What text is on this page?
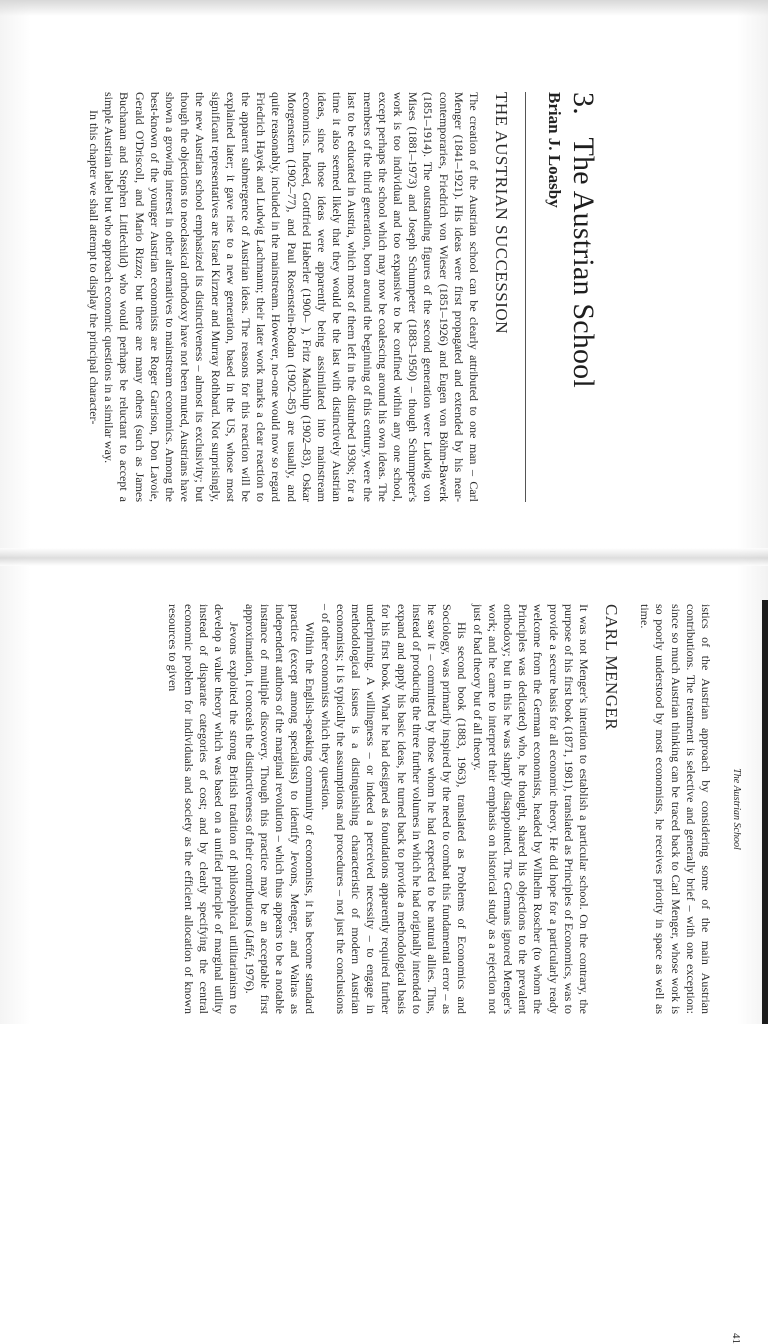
3.   The Austrian School
Brian J. Loasby
THE AUSTRIAN SUCCESSION

The creation of the Austrian school can be clearly attributed to one man – Carl Menger (1841–1921). His ideas were first propagated and extended by his near-contemporaries, Friedrich von Wieser (1851–1926) and Eugen von Böhm-Bawerk (1851–1914). The outstanding figures of the second generation were Ludwig von Mises (1881–1973) and Joseph Schumpeter (1883–1950) – though Schumpeter's work is too individual and too expansive to be confined within any one school, except perhaps the school which may now be coalescing around his own ideas. The members of the third generation, born around the beginning of this century, were the last to be educated in Austria, which most of them left in the disturbed 1930s; for a time it also seemed likely that they would be the last with distinctively Austrian ideas, since those ideas were apparently being assimilated into mainstream economics. Indeed, Gottfried Haberler (1900– ), Fritz Machlup (1902–83), Oskar Morgenstern (1902–77), and Paul Rosenstein-Rodan (1902–85) are usually, and quite reasonably, included in the mainstream. However, no-one would now so regard Friedrich Hayek and Ludwig Lachmann; their later work marks a clear reaction to the apparent submergence of Austrian ideas. The reasons for this reaction will be explained later; it gave rise to a new generation, based in the US, whose most significant representatives are Israel Kirzner and Murray Rothbard. Not surprisingly, the new Austrian school emphasized its distinctiveness – almost its exclusivity; but though the objections to neoclassical orthodoxy have not been muted, Austrians have shown a growing interest in other alternatives to mainstream economics. Among the best-known of the younger Austrian economists are Roger Garrison, Don Lavoie, Gerald O'Driscoll, and Mario Rizzo; but there are many others (such as James Buchanan and Stephen Littlechild) who would perhaps be reluctant to accept a simple Austrian label but who approach economic questions in a similar way.

In this chapter we shall attempt to display the principal character-

The Austrian School
41

istics of the Austrian approach by considering some of the main Austrian contributions. The treatment is selective and generally brief – with one exception: since so much Austrian thinking can be traced back to Carl Menger, whose work is so poorly understood by most economists, he receives priority in space as well as time.

CARL MENGER

It was not Menger's intention to establish a particular school. On the contrary, the purpose of his first book (1871, 1981), translated as Principles of Economics, was to provide a secure basis for all economic theory. He did hope for a particularly ready welcome from the German economists, headed by Wilhelm Roscher (to whom the Principles was dedicated) who, he thought, shared his objections to the prevalent orthodoxy; but in this he was sharply disappointed. The Germans ignored Menger's work; and he came to interpret their emphasis on historical study as a rejection not just of bad theory but of all theory.

His second book (1883, 1963), translated as Problems of Economics and Sociology, was primarily inspired by the need to combat this fundamental error – as he saw it – committed by those whom he had expected to be natural allies. Thus, instead of producing the three further volumes in which he had originally intended to expand and apply his basic ideas, he turned back to provide a methodological basis for his first book. What he had designed as foundations apparently required further underpinning. A willingness – or indeed a perceived necessity – to engage in methodological issues is a distinguishing characteristic of modern Austrian economists; it is typically the assumptions and procedures – not just the conclusions – of other economists which they question.

Within the English-speaking community of economists, it has become standard practice (except among specialists) to identify Jevons, Menger, and Walras as independent authors of the marginal revolution – which thus appears to be a notable instance of multiple discovery. Though this practice may be an acceptable first approximation, it conceals the distinctiveness of their contributions (Jaffé, 1976).

Jevons exploited the strong British tradition of philosophical utilitarianism to develop a value theory which was based on a unified principle of marginal utility instead of disparate categories of cost; and by clearly specifying the central economic problem for individuals and society as the efficient allocation of known resources to given
